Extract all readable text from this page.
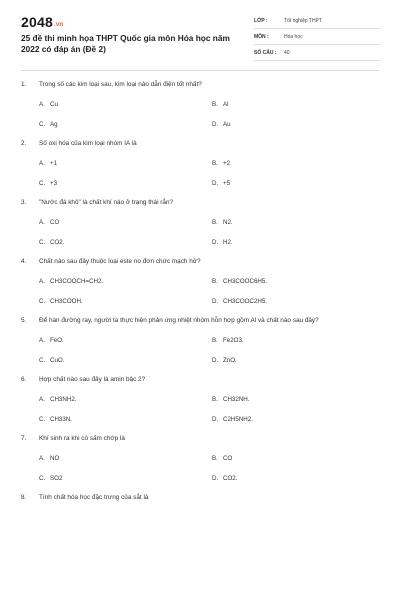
2048.vn
25 đề thi minh họa THPT Quốc gia môn Hóa học năm 2022 có đáp án (Đề 2)
LỚP :	Tốt nghiệp THPT
MÔN :	Hóa học
SỐ CÂU : 40
1. Trong số các kim loại sau, kim loại nào dẫn điện tốt nhất?
A. Cu	B. Al
C. Ag	D. Au
2. Số oxi hóa của kim loại nhóm IA là
A. +1	B. +2
C. +3	D. +5
3. "Nước đá khô" là chất khí nào ở trạng thái rắn?
A. CO	B. N2.
C. CO2.	D. H2.
4. Chất nào sau đây thuộc loại este no đơn chức mạch hở?
A. CH3COOCH=CH2.	B. CH3COOC6H5.
C. CH3COOH.	D. CH3COOC2H5.
5. Để hàn đường ray, người ta thực hiện phản ứng nhiệt nhôm hỗn hợp gồm Al và chất nào sau đây?
A. FeO.	B. Fe2O3.
C. CuO.	D. ZnO.
6. Hợp chất nào sau đây là amin bậc 2?
A. CH3NH2.	B. CH32NH.
C. CH33N.	D. C2H5NH2.
7. Khí sinh ra khi có sấm chớp là
A. NO	B. CO
C. SO2	D. CO2.
8. Tính chất hóa học đặc trưng của sắt là
